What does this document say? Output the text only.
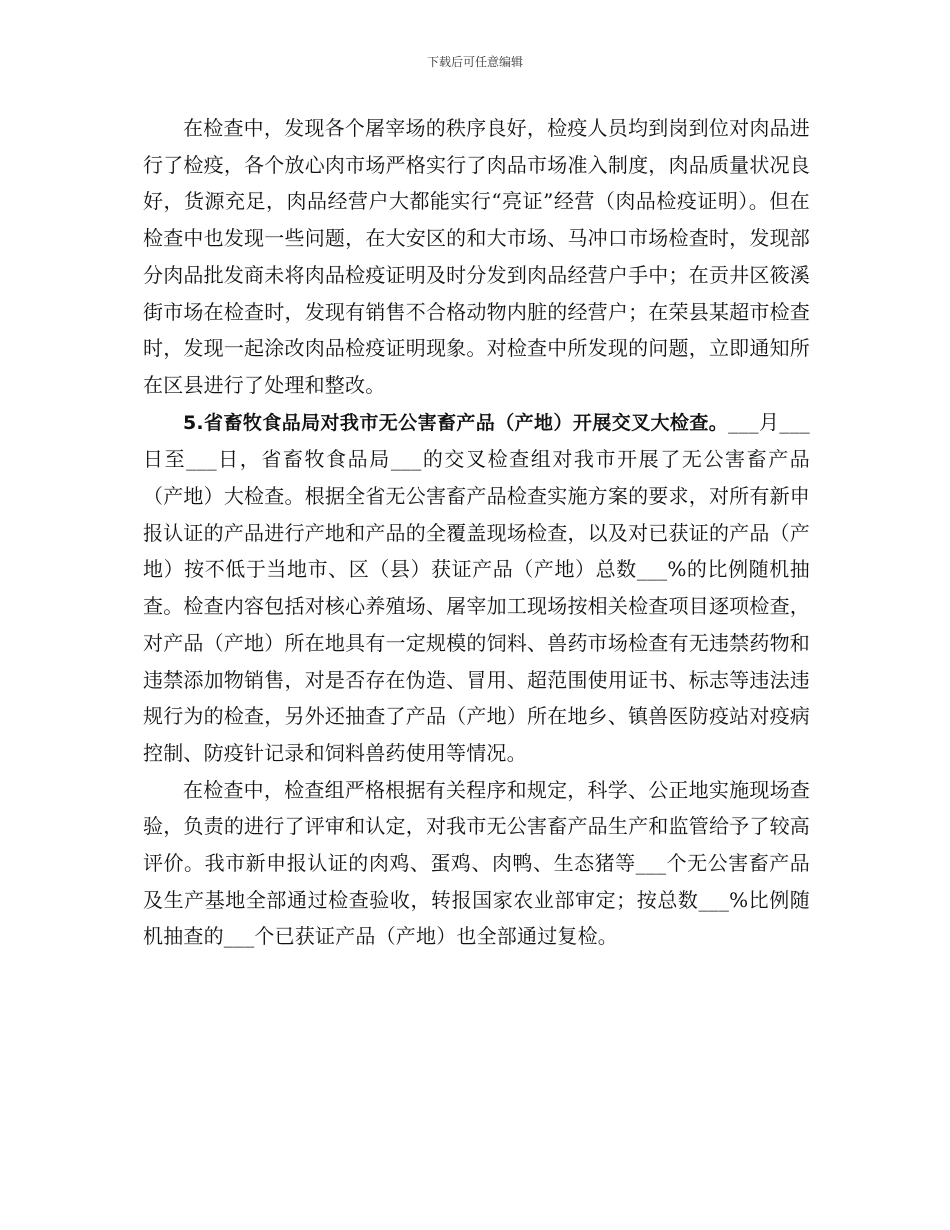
下载后可任意编辑

在检查中，发现各个屠宰场的秩序良好，检疫人员均到岗到位对肉品进行了检疫，各个放心肉市场严格实行了肉品市场准入制度，肉品质量状况良好，货源充足，肉品经营户大都能实行“亮证”经营（肉品检疫证明）。但在检查中也发现一些问题，在大安区的和大市场、马冲口市场检查时，发现部分肉品批发商未将肉品检疫证明及时分发到肉品经营户手中；在贡井区筱溪街市场在检查时，发现有销售不合格动物内脏的经营户；在荣县某超市检查时，发现一起涂改肉品检疫证明现象。对检查中所发现的问题，立即通知所在区县进行了处理和整改。

5.省畜牧食品局对我市无公害畜产品（产地）开展交叉大检查。___月___日至___日，省畜牧食品局___的交叉检查组对我市开展了无公害畜产品（产地）大检查。根据全省无公害畜产品检查实施方案的要求，对所有新申报认证的产品进行产地和产品的全覆盖现场检查，以及对已获证的产品（产地）按不低于当地市、区（县）获证产品（产地）总数___%的比例随机抽查。检查内容包括对核心养殖场、屠宰加工现场按相关检查项目逐项检查，对产品（产地）所在地具有一定规模的饲料、兽药市场检查有无违禁药物和违禁添加物销售，对是否存在伪造、冒用、超范围使用证书、标志等违法违规行为的检查，另外还抽查了产品（产地）所在地乡、镇兽医防疫站对疫病控制、防疫针记录和饲料兽药使用等情况。

在检查中，检查组严格根据有关程序和规定，科学、公正地实施现场查验，负责的进行了评审和认定，对我市无公害畜产品生产和监管给予了较高评价。我市新申报认证的肉鸡、蛋鸡、肉鸭、生态猪等___个无公害畜产品及生产基地全部通过检查验收，转报国家农业部审定；按总数___%比例随机抽查的___个已获证产品（产地）也全部通过复检。
